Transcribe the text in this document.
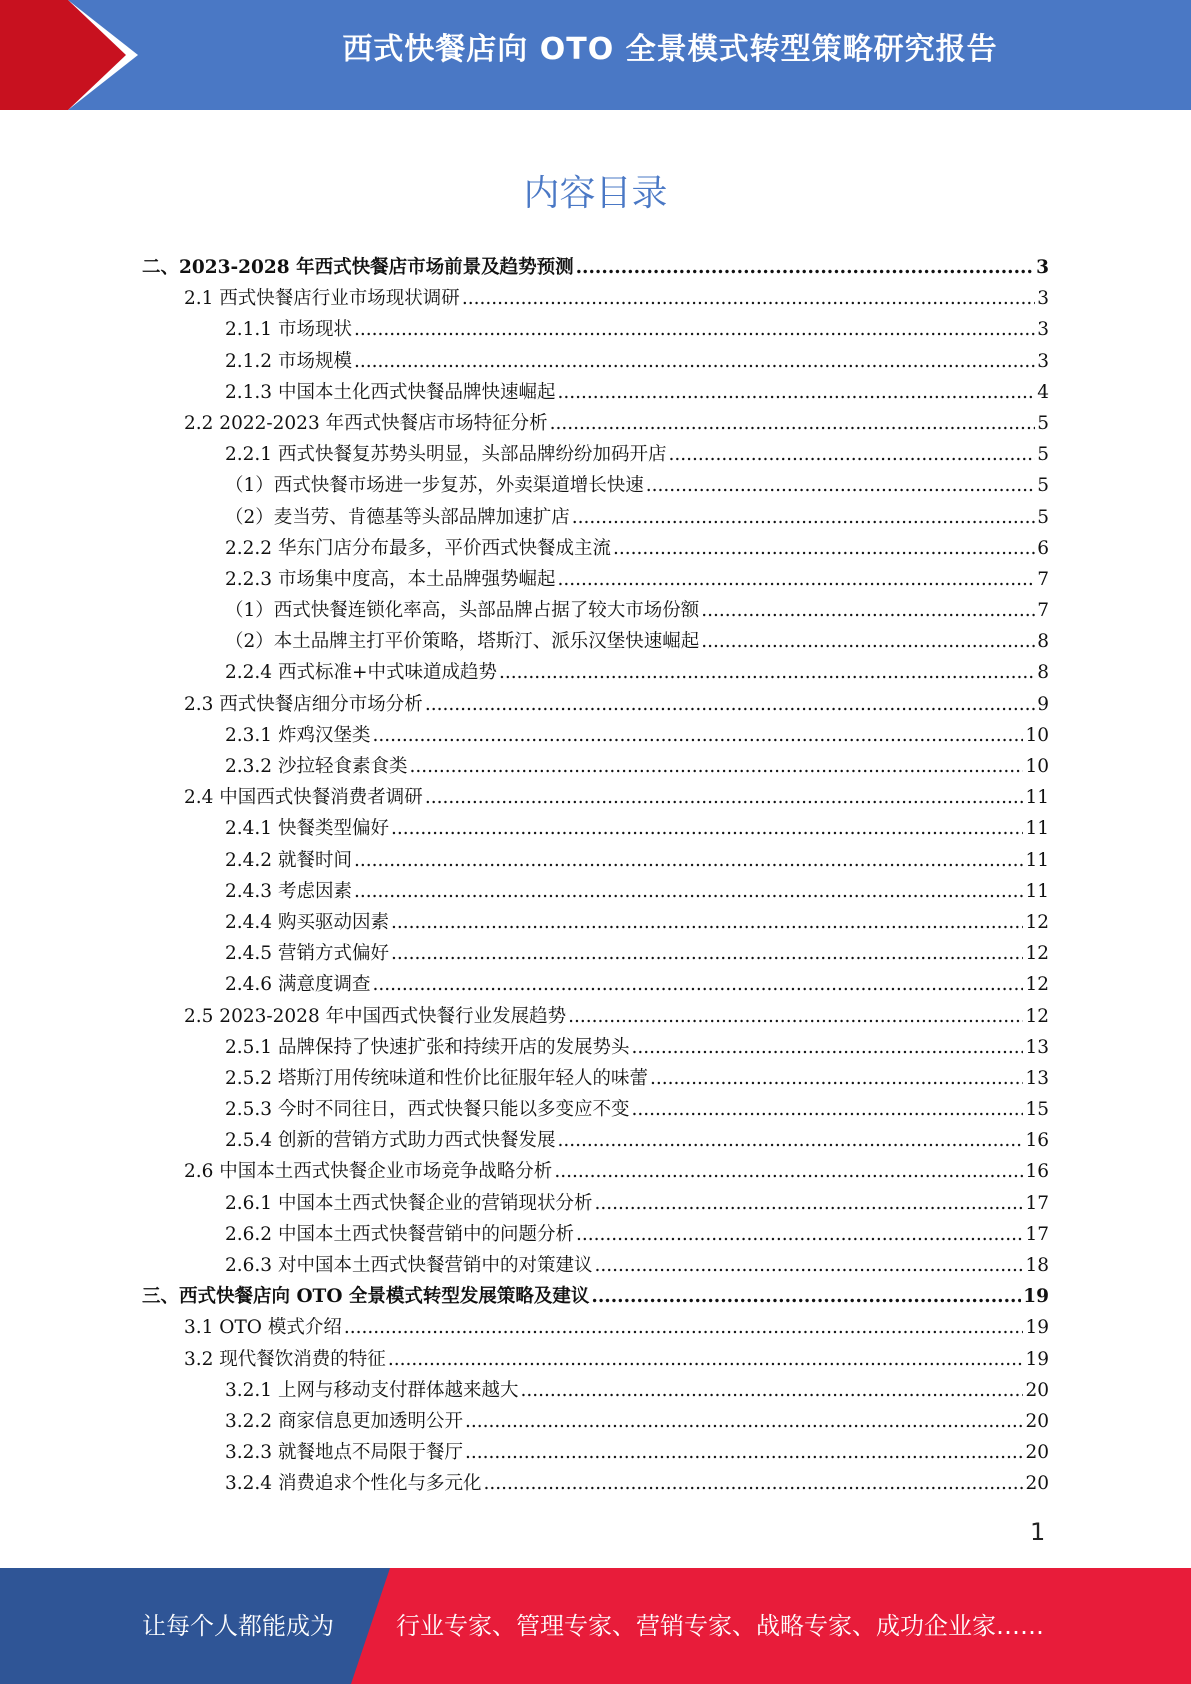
西式快餐店向 OTO 全景模式转型策略研究报告
内容目录
二、2023-2028 年西式快餐店市场前景及趋势预测 .....	3
2.1 西式快餐店行业市场现状调研 .....	3
2.1.1 市场现状 .....	3
2.1.2 市场规模 .....	3
2.1.3 中国本土化西式快餐品牌快速崛起 .....	4
2.2 2022-2023 年西式快餐店市场特征分析 .....	5
2.2.1 西式快餐复苏势头明显，头部品牌纷纷加码开店 .....	5
（1）西式快餐市场进一步复苏，外卖渠道增长快速 .....	5
（2）麦当劳、肯德基等头部品牌加速扩店 .....	5
2.2.2 华东门店分布最多，平价西式快餐成主流 .....	6
2.2.3 市场集中度高，本土品牌强势崛起 .....	7
（1）西式快餐连锁化率高，头部品牌占据了较大市场份额 .....	7
（2）本土品牌主打平价策略，塔斯汀、派乐汉堡快速崛起 .....	8
2.2.4 西式标准+中式味道成趋势 .....	8
2.3 西式快餐店细分市场分析 .....	9
2.3.1 炸鸡汉堡类 .....	10
2.3.2 沙拉轻食素食类 .....	10
2.4 中国西式快餐消费者调研 .....	11
2.4.1 快餐类型偏好 .....	11
2.4.2 就餐时间 .....	11
2.4.3 考虑因素 .....	11
2.4.4 购买驱动因素 .....	12
2.4.5 营销方式偏好 .....	12
2.4.6 满意度调查 .....	12
2.5 2023-2028 年中国西式快餐行业发展趋势 .....	12
2.5.1 品牌保持了快速扩张和持续开店的发展势头 .....	13
2.5.2 塔斯汀用传统味道和性价比征服年轻人的味蕾 .....	13
2.5.3 今时不同往日，西式快餐只能以多变应不变 .....	15
2.5.4 创新的营销方式助力西式快餐发展 .....	16
2.6 中国本土西式快餐企业市场竞争战略分析 .....	16
2.6.1 中国本土西式快餐企业的营销现状分析 .....	17
2.6.2 中国本土西式快餐营销中的问题分析 .....	17
2.6.3 对中国本土西式快餐营销中的对策建议 .....	18
三、西式快餐店向 OTO 全景模式转型发展策略及建议 .....	19
3.1 OTO 模式介绍 .....	19
3.2 现代餐饮消费的特征 .....	19
3.2.1 上网与移动支付群体越来越大 .....	20
3.2.2 商家信息更加透明公开 .....	20
3.2.3 就餐地点不局限于餐厅 .....	20
3.2.4 消费追求个性化与多元化 .....	20
1
让每个人都能成为	行业专家、管理专家、营销专家、战略专家、成功企业家……
